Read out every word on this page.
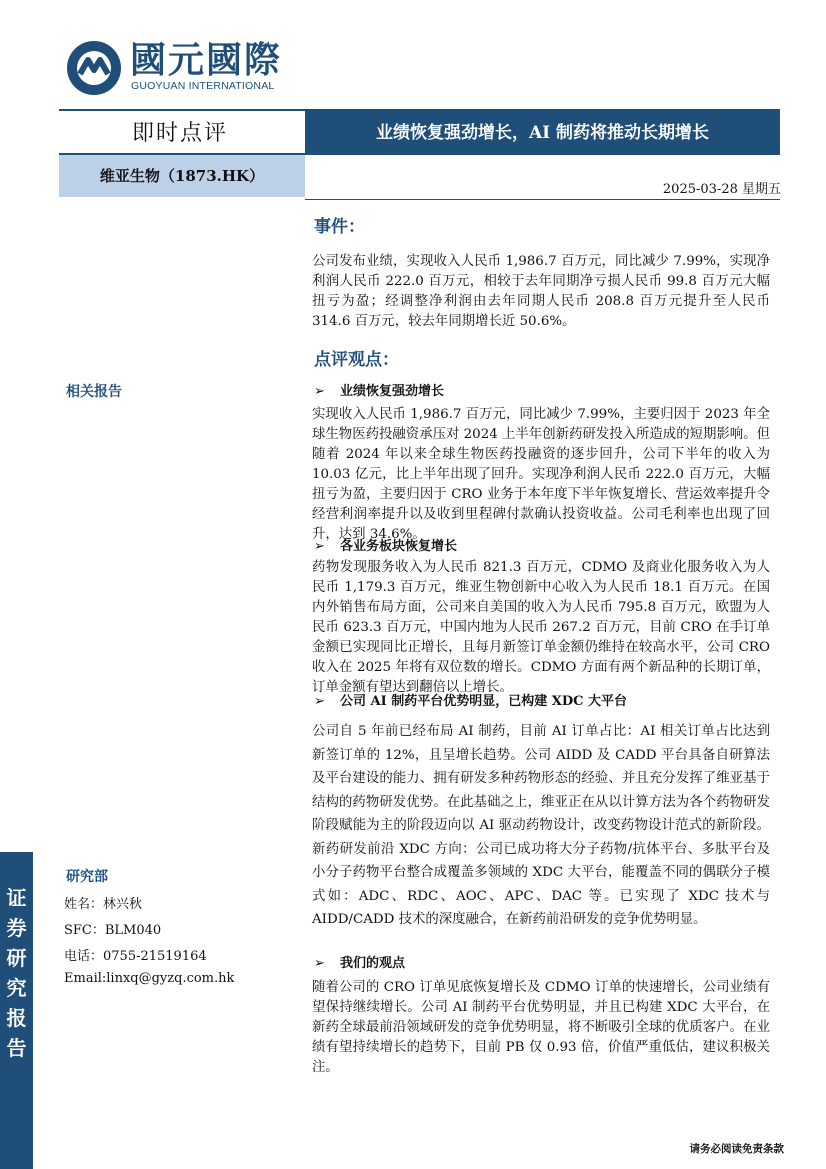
國元國際
GUOYUAN INTERNATIONAL
即时点评	业绩恢复强劲增长，AI 制药将推动长期增长
维亚生物（1873.HK）
2025-03-28 星期五
相关报告
研究部
姓名：林兴秋
SFC：BLM040
电话：0755-21519164
Email:linxq@gyzq.com.hk
证
券
研
究
报
告
事件：
公司发布业绩，实现收入人民币 1,986.7 百万元，同比减少 7.99%，实现净利润人民币 222.0 百万元，相较于去年同期净亏损人民币 99.8 百万元大幅扭亏为盈；经调整净利润由去年同期人民币 208.8 百万元提升至人民币 314.6 百万元，较去年同期增长近 50.6%。
点评观点：
➢ 业绩恢复强劲增长
实现收入人民币 1,986.7 百万元，同比减少 7.99%，主要归因于 2023 年全球生物医药投融资承压对 2024 上半年创新药研发投入所造成的短期影响。但随着 2024 年以来全球生物医药投融资的逐步回升，公司下半年的收入为 10.03 亿元，比上半年出现了回升。实现净利润人民币 222.0 百万元，大幅扭亏为盈，主要归因于 CRO 业务于本年度下半年恢复增长、营运效率提升令经营利润率提升以及收到里程碑付款确认投资收益。公司毛利率也出现了回升，达到 34.6%。
➢ 各业务板块恢复增长
药物发现服务收入为人民币 821.3 百万元，CDMO 及商业化服务收入为人民币 1,179.3 百万元，维亚生物创新中心收入为人民币 18.1 百万元。在国内外销售布局方面，公司来自美国的收入为人民币 795.8 百万元，欧盟为人民币 623.3 百万元，中国内地为人民币 267.2 百万元，目前 CRO 在手订单金额已实现同比正增长，且每月新签订单金额仍维持在较高水平，公司 CRO 收入在 2025 年将有双位数的增长。CDMO 方面有两个新品种的长期订单，订单金额有望达到翻倍以上增长。
➢ 公司 AI 制药平台优势明显，已构建 XDC 大平台
公司自 5 年前已经布局 AI 制药，目前 AI 订单占比：AI 相关订单占比达到新签订单的 12%，且呈增长趋势。公司 AIDD 及 CADD 平台具备自研算法及平台建设的能力、拥有研发多种药物形态的经验、并且充分发挥了维亚基于结构的药物研发优势。在此基础之上，维亚正在从以计算方法为各个药物研发阶段赋能为主的阶段迈向以 AI 驱动药物设计，改变药物设计范式的新阶段。新药研发前沿 XDC 方向：公司已成功将大分子药物/抗体平台、多肽平台及小分子药物平台整合成覆盖多领域的 XDC 大平台，能覆盖不同的偶联分子模式如：ADC、RDC、AOC、APC、DAC 等。已实现了 XDC 技术与 AIDD/CADD 技术的深度融合，在新药前沿研发的竞争优势明显。
➢ 我们的观点
随着公司的 CRO 订单见底恢复增长及 CDMO 订单的快速增长，公司业绩有望保持继续增长。公司 AI 制药平台优势明显，并且已构建 XDC 大平台，在新药全球最前沿领域研发的竞争优势明显，将不断吸引全球的优质客户。在业绩有望持续增长的趋势下，目前 PB 仅 0.93 倍，价值严重低估，建议积极关注。
请务必阅读免责条款
